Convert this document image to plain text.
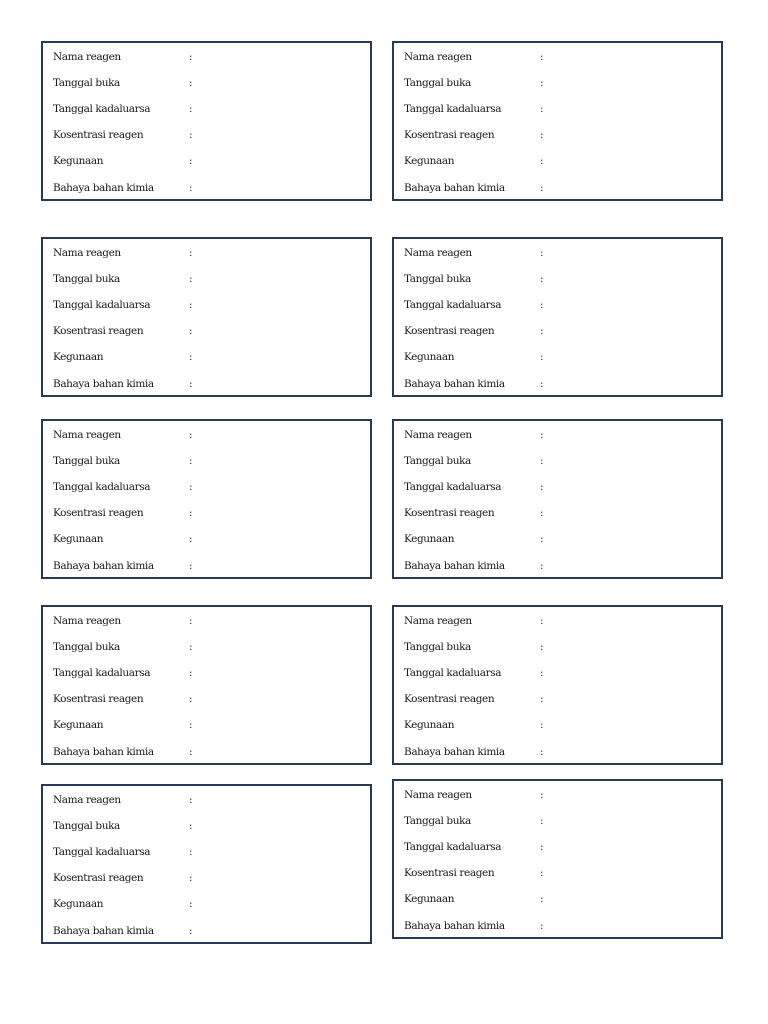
Nama reagen	:
Tanggal buka	:
Tanggal kadaluarsa	:
Kosentrasi reagen	:
Kegunaan	:
Bahaya bahan kimia	:
Nama reagen	:
Tanggal buka	:
Tanggal kadaluarsa	:
Kosentrasi reagen	:
Kegunaan	:
Bahaya bahan kimia	:
Nama reagen	:
Tanggal buka	:
Tanggal kadaluarsa	:
Kosentrasi reagen	:
Kegunaan	:
Bahaya bahan kimia	:
Nama reagen	:
Tanggal buka	:
Tanggal kadaluarsa	:
Kosentrasi reagen	:
Kegunaan	:
Bahaya bahan kimia	:
Nama reagen	:
Tanggal buka	:
Tanggal kadaluarsa	:
Kosentrasi reagen	:
Kegunaan	:
Bahaya bahan kimia	:
Nama reagen	:
Tanggal buka	:
Tanggal kadaluarsa	:
Kosentrasi reagen	:
Kegunaan	:
Bahaya bahan kimia	:
Nama reagen	:
Tanggal buka	:
Tanggal kadaluarsa	:
Kosentrasi reagen	:
Kegunaan	:
Bahaya bahan kimia	:
Nama reagen	:
Tanggal buka	:
Tanggal kadaluarsa	:
Kosentrasi reagen	:
Kegunaan	:
Bahaya bahan kimia	:
Nama reagen	:
Tanggal buka	:
Tanggal kadaluarsa	:
Kosentrasi reagen	:
Kegunaan	:
Bahaya bahan kimia	:
Nama reagen	:
Tanggal buka	:
Tanggal kadaluarsa	:
Kosentrasi reagen	:
Kegunaan	:
Bahaya bahan kimia	:
